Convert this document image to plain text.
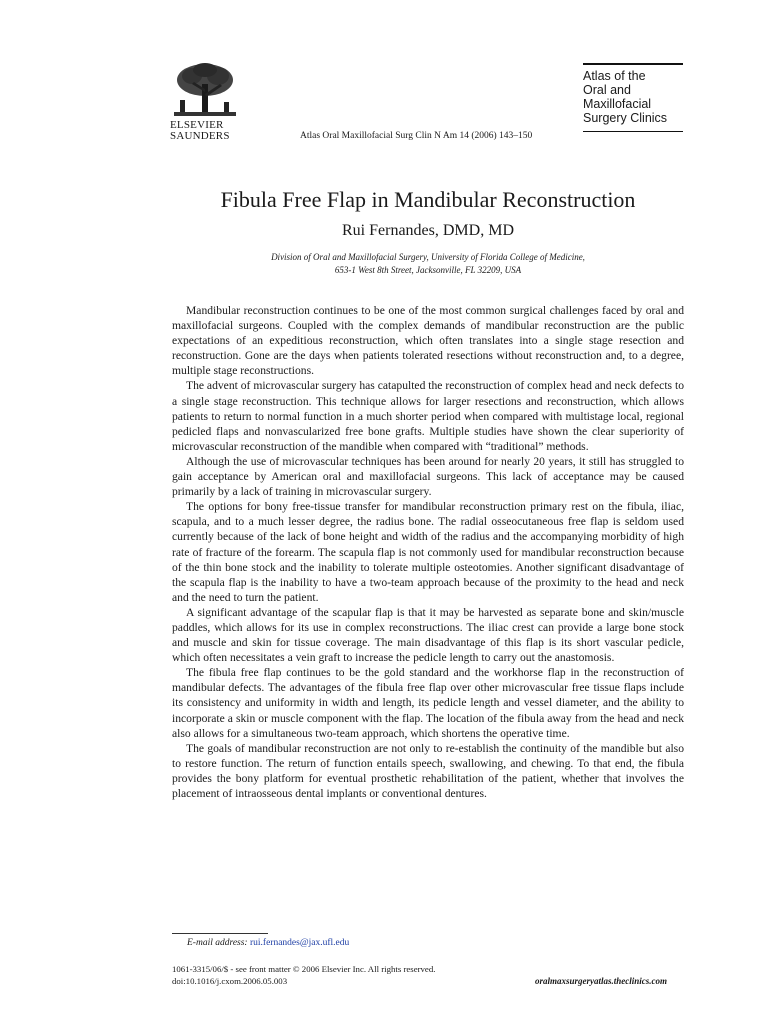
ELSEVIER
SAUNDERS	Atlas Oral Maxillofacial Surg Clin N Am 14 (2006) 143–150
Atlas of the
Oral and
Maxillofacial
Surgery Clinics
Fibula Free Flap in Mandibular Reconstruction
Rui Fernandes, DMD, MD
Division of Oral and Maxillofacial Surgery, University of Florida College of Medicine,
653-1 West 8th Street, Jacksonville, FL 32209, USA

Mandibular reconstruction continues to be one of the most common surgical challenges faced by oral and maxillofacial surgeons. Coupled with the complex demands of mandibular reconstruction are the public expectations of an expeditious reconstruction, which often translates into a single stage resection and reconstruction. Gone are the days when patients tolerated resections without reconstruction and, to a degree, multiple stage reconstructions.

The advent of microvascular surgery has catapulted the reconstruction of complex head and neck defects to a single stage reconstruction. This technique allows for larger resections and reconstruction, which allows patients to return to normal function in a much shorter period when compared with multistage local, regional pedicled flaps and nonvascularized free bone grafts. Multiple studies have shown the clear superiority of microvascular reconstruction of the mandible when compared with “traditional” methods.

Although the use of microvascular techniques has been around for nearly 20 years, it still has struggled to gain acceptance by American oral and maxillofacial surgeons. This lack of acceptance may be caused primarily by a lack of training in microvascular surgery.

The options for bony free-tissue transfer for mandibular reconstruction primary rest on the fibula, iliac, scapula, and to a much lesser degree, the radius bone. The radial osseocutaneous free flap is seldom used currently because of the lack of bone height and width of the radius and the accompanying morbidity of high rate of fracture of the forearm. The scapula flap is not commonly used for mandibular reconstruction because of the thin bone stock and the inability to tolerate multiple osteotomies. Another significant disadvantage of the scapula flap is the inability to have a two-team approach because of the proximity to the head and neck and the need to turn the patient.

A significant advantage of the scapular flap is that it may be harvested as separate bone and skin/muscle paddles, which allows for its use in complex reconstructions. The iliac crest can provide a large bone stock and muscle and skin for tissue coverage. The main disadvantage of this flap is its short vascular pedicle, which often necessitates a vein graft to increase the pedicle length to carry out the anastomosis.

The fibula free flap continues to be the gold standard and the workhorse flap in the reconstruction of mandibular defects. The advantages of the fibula free flap over other microvascular free tissue flaps include its consistency and uniformity in width and length, its pedicle length and vessel diameter, and the ability to incorporate a skin or muscle component with the flap. The location of the fibula away from the head and neck also allows for a simultaneous two-team approach, which shortens the operative time.

The goals of mandibular reconstruction are not only to re-establish the continuity of the mandible but also to restore function. The return of function entails speech, swallowing, and chewing. To that end, the fibula provides the bony platform for eventual prosthetic rehabilitation of the patient, whether that involves the placement of intraosseous dental implants or conventional dentures.

E-mail address: rui.fernandes@jax.ufl.edu
1061-3315/06/$ - see front matter © 2006 Elsevier Inc. All rights reserved.
doi:10.1016/j.cxom.2006.05.003	oralmaxsurgeryatlas.theclinics.com
